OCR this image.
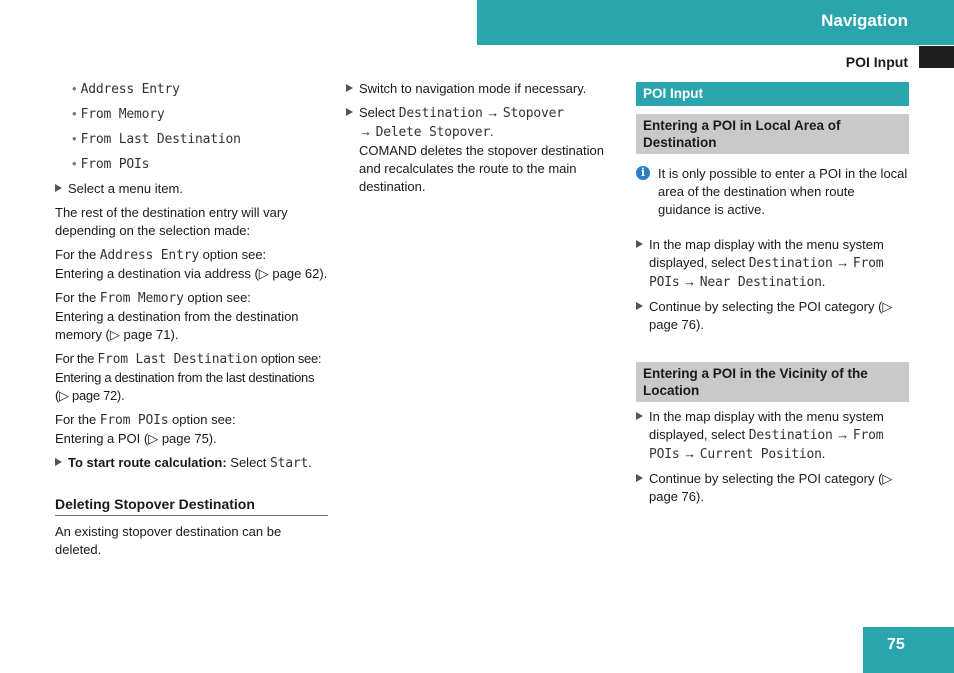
Navigation
POI Input
• Address Entry
• From Memory
• From Last Destination
• From POIs
Select a menu item.

The rest of the destination entry will vary depending on the selection made:

For the Address Entry option see:
Entering a destination via address (▷ page 62).

For the From Memory option see:
Entering a destination from the destination memory (▷ page 71).

For the From Last Destination option see:
Entering a destination from the last destinations (▷ page 72).

For the From POIs option see:
Entering a POI (▷ page 75).

To start route calculation: Select Start.
Deleting Stopover Destination

An existing stopover destination can be deleted.

Switch to navigation mode if necessary.
Select Destination → Stopover
→ Delete Stopover.
COMAND deletes the stopover destination and recalculates the route to the main destination.
POI Input
Entering a POI in Local Area of Destination
i It is only possible to enter a POI in the local area of the destination when route guidance is active.
In the map display with the menu system displayed, select Destination → From POIs → Near Destination.
Continue by selecting the POI category (▷ page 76).
Entering a POI in the Vicinity of the Location
In the map display with the menu system displayed, select Destination → From POIs → Current Position.
Continue by selecting the POI category (▷ page 76).
75
